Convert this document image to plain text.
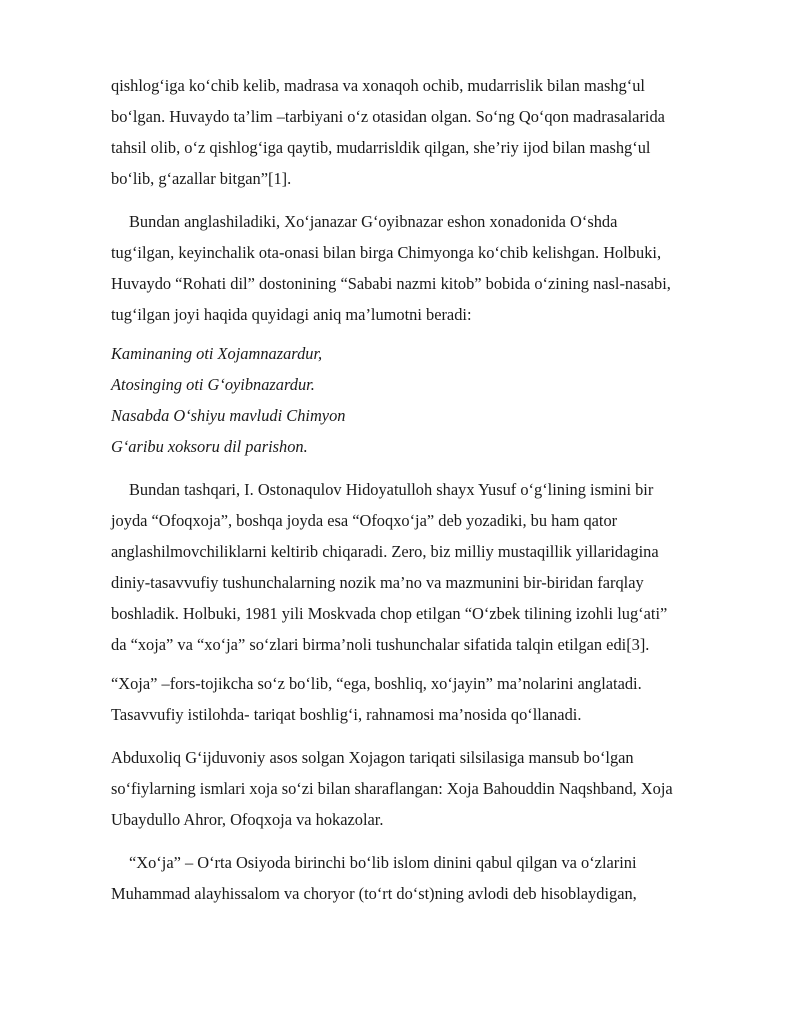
qishlog‘iga ko‘chib kelib, madrasa va xonaqoh ochib, mudarrislik bilan mashg‘ul
bo‘lgan. Huvaydo ta’lim –tarbiyani o‘z otasidan olgan. So‘ng Qo‘qon madrasalarida
tahsil olib, o‘z qishlog‘iga qaytib, mudarrisldik qilgan, she’riy ijod bilan mashg‘ul
bo‘lib, g‘azallar bitgan”[1].
Bundan anglashiladiki, Xo‘janazar G‘oyibnazar eshon xonadonida O‘shda
tug‘ilgan, keyinchalik ota-onasi bilan birga Chimyonga ko‘chib kelishgan. Holbuki,
Huvaydo “Rohati dil” dostonining “Sababi nazmi kitob” bobida o‘zining nasl-nasabi,
tug‘ilgan joyi haqida quyidagi aniq ma’lumotni beradi:
Kaminaning oti Xojamnazardur,
Atosinging oti G‘oyibnazardur.
Nasabda O‘shiyu mavludi Chimyon
G‘aribu xoksoru dil parishon.
Bundan tashqari, I. Ostonaqulov Hidoyatulloh shayx Yusuf o‘g‘lining ismini bir
joyda “Ofoqxoja”, boshqa joyda esa “Ofoqxo‘ja” deb yozadiki, bu ham qator
anglashilmovchiliklarni keltirib chiqaradi. Zero, biz milliy mustaqillik yillaridagina
diniy-tasavvufiy tushunchalarning nozik ma’no va mazmunini bir-biridan farqlay
boshladik. Holbuki, 1981 yili Moskvada chop etilgan “O‘zbek tilining izohli lug‘ati”
da “xoja” va “xo‘ja” so‘zlari birma’noli tushunchalar sifatida talqin etilgan edi[3].
“Xoja” –fors-tojikcha so‘z bo‘lib, “ega, boshliq, xo‘jayin” ma’nolarini anglatadi.
Tasavvufiy istilohda- tariqat boshlig‘i, rahnamosi ma’nosida qo‘llanadi.
Abduxoliq G‘ijduvoniy asos solgan Xojagon tariqati silsilasiga mansub bo‘lgan
so‘fiylarning ismlari xoja so‘zi bilan sharaflangan: Xoja Bahouddin Naqshband, Xoja
Ubaydullo Ahror, Ofoqxoja va hokazolar.
“Xo‘ja” – O‘rta Osiyoda birinchi bo‘lib islom dinini qabul qilgan va o‘zlarini
Muhammad alayhissalom va choryor (to‘rt do‘st)ning avlodi deb hisoblaydigan,
